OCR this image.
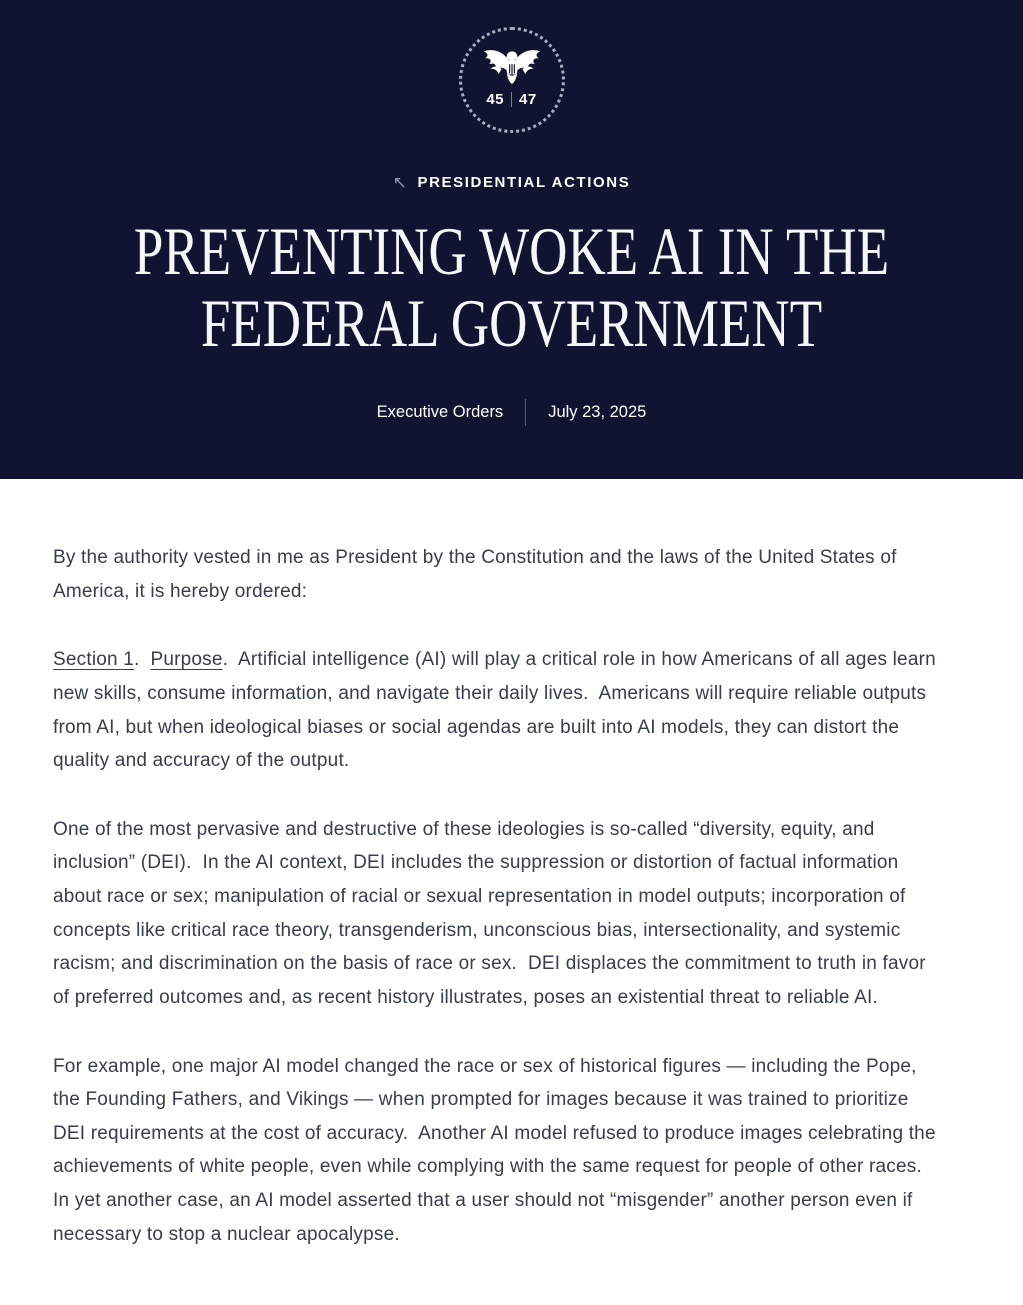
45 47
↖ PRESIDENTIAL ACTIONS
PREVENTING WOKE AI IN THE
FEDERAL GOVERNMENT
Executive Orders	July 23, 2025

By the authority vested in me as President by the Constitution and the laws of the United States of America, it is hereby ordered:

Section 1.  Purpose.  Artificial intelligence (AI) will play a critical role in how Americans of all ages learn new skills, consume information, and navigate their daily lives.  Americans will require reliable outputs from AI, but when ideological biases or social agendas are built into AI models, they can distort the quality and accuracy of the output.

One of the most pervasive and destructive of these ideologies is so-called “diversity, equity, and inclusion” (DEI).  In the AI context, DEI includes the suppression or distortion of factual information about race or sex; manipulation of racial or sexual representation in model outputs; incorporation of concepts like critical race theory, transgenderism, unconscious bias, intersectionality, and systemic racism; and discrimination on the basis of race or sex.  DEI displaces the commitment to truth in favor of preferred outcomes and, as recent history illustrates, poses an existential threat to reliable AI.

For example, one major AI model changed the race or sex of historical figures — including the Pope, the Founding Fathers, and Vikings — when prompted for images because it was trained to prioritize DEI requirements at the cost of accuracy.  Another AI model refused to produce images celebrating the achievements of white people, even while complying with the same request for people of other races.  In yet another case, an AI model asserted that a user should not “misgender” another person even if necessary to stop a nuclear apocalypse.
